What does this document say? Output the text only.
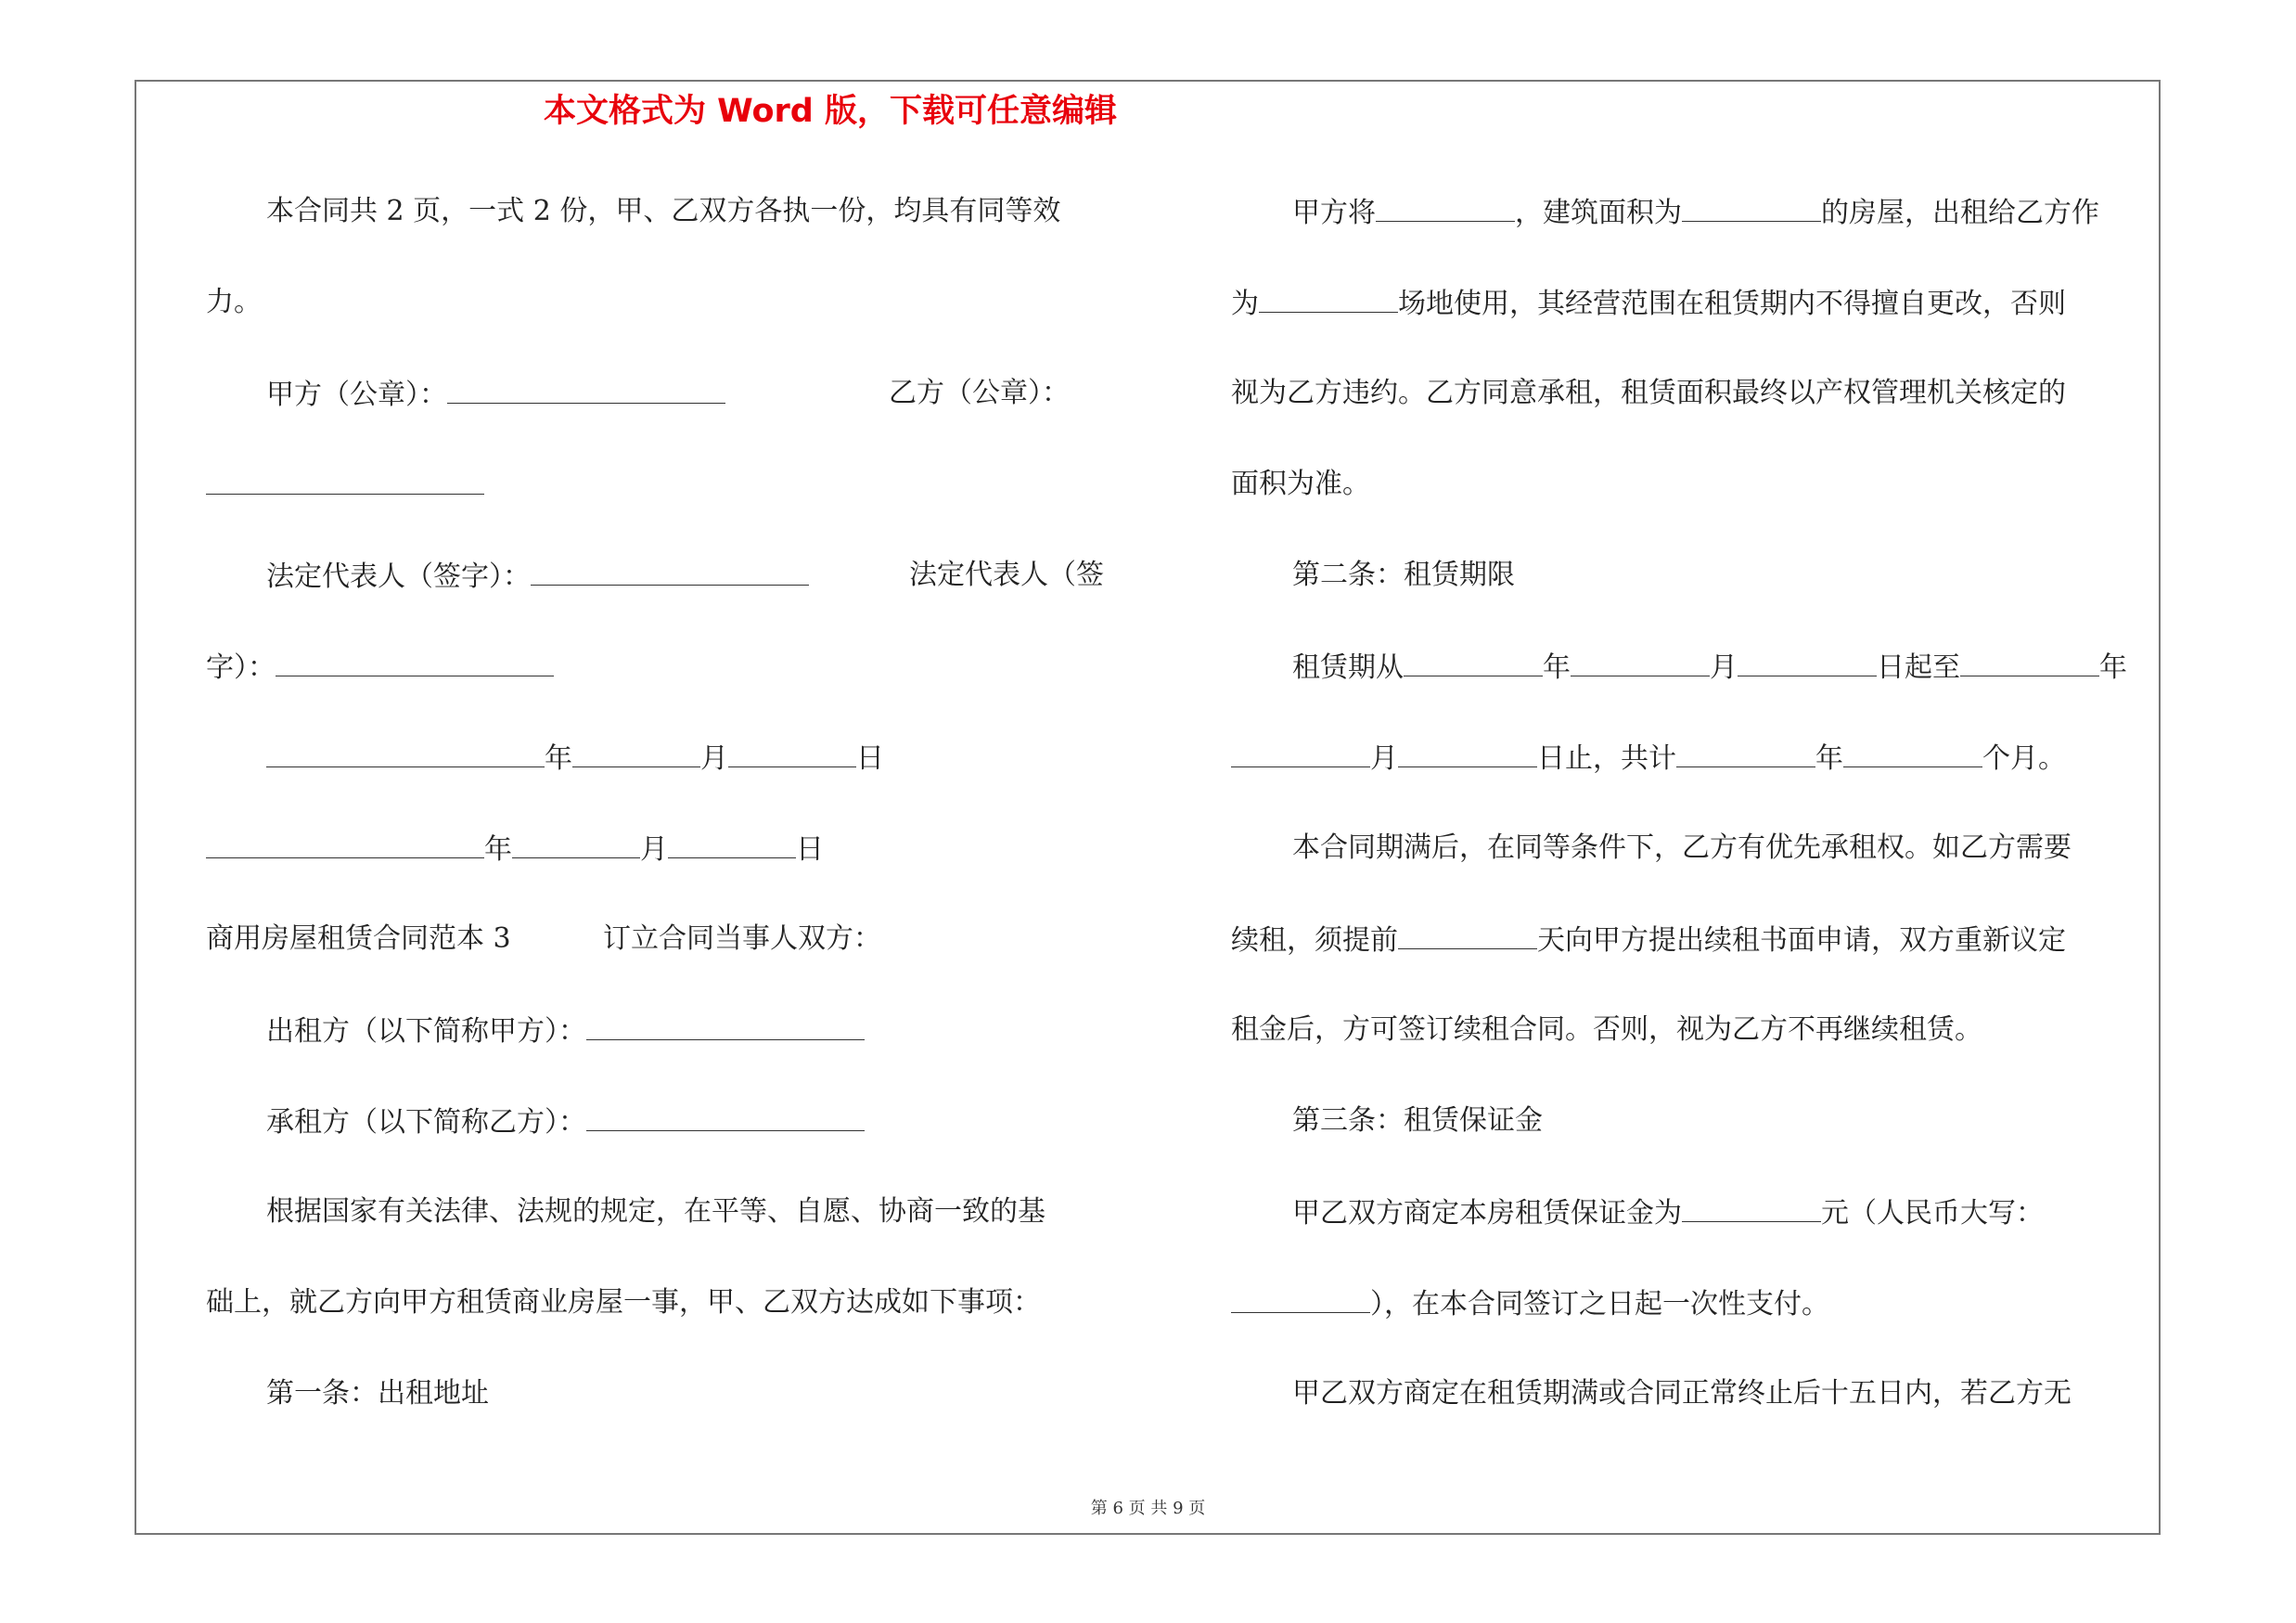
本文格式为 Word 版，下载可任意编辑
本合同共 2 页，一式 2 份，甲、乙双方各执一份，均具有同等效
力。
甲方（公章）：	乙方（公章）：
法定代表人（签字）：	法定代表人（签
字）：
年	月	日
年	月	日
商用房屋租赁合同范本 3	订立合同当事人双方：
出租方（以下简称甲方）：
承租方（以下简称乙方）：
根据国家有关法律、法规的规定，在平等、自愿、协商一致的基
础上，就乙方向甲方租赁商业房屋一事，甲、乙双方达成如下事项：
第一条：出租地址
甲方将	，建筑面积为	的房屋，出租给乙方作
为	场地使用，其经营范围在租赁期内不得擅自更改，否则
视为乙方违约。乙方同意承租，租赁面积最终以产权管理机关核定的
面积为准。
第二条：租赁期限
租赁期从	年	月	日起至	年
月	日止，共计	年	个月。
本合同期满后，在同等条件下，乙方有优先承租权。如乙方需要
续租，须提前	天向甲方提出续租书面申请，双方重新议定
租金后，方可签订续租合同。否则，视为乙方不再继续租赁。
第三条：租赁保证金
甲乙双方商定本房租赁保证金为	元（人民币大写：
），在本合同签订之日起一次性支付。
甲乙双方商定在租赁期满或合同正常终止后十五日内，若乙方无
第 6 页 共 9 页
